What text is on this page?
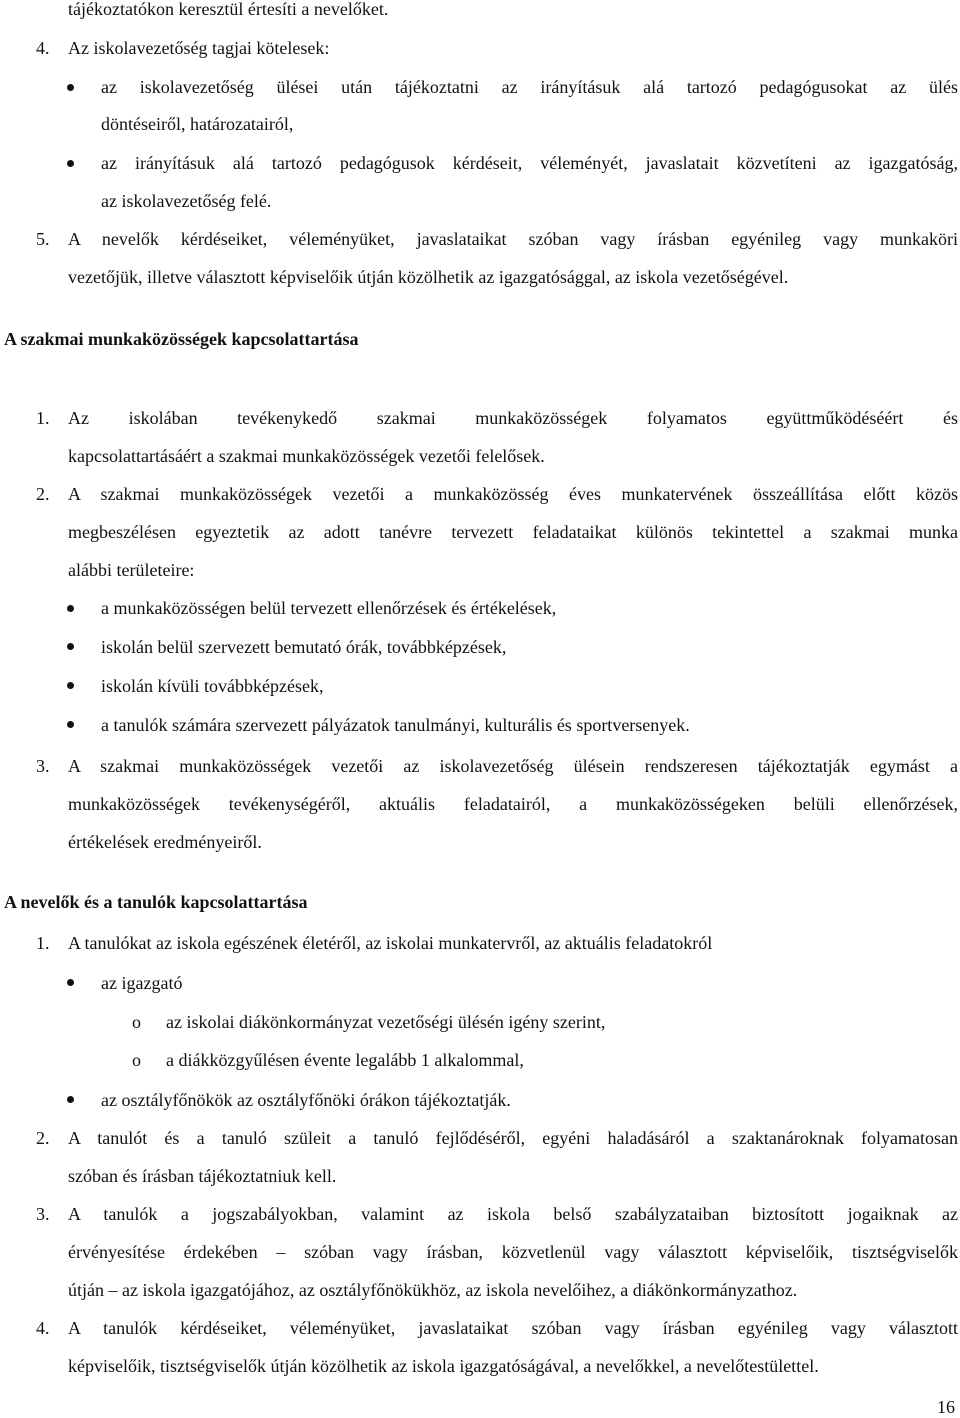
tájékoztatókon keresztül értesíti a nevelőket.
4. Az iskolavezetőség tagjai kötelesek:
az iskolavezetőség ülései után tájékoztatni az irányításuk alá tartozó pedagógusokat az ülés
döntéseiről, határozatairól,
az irányításuk alá tartozó pedagógusok kérdéseit, véleményét, javaslatait közvetíteni az igazgatóság,
az iskolavezetőség felé.
5. A nevelők kérdéseiket, véleményüket, javaslataikat szóban vagy írásban egyénileg vagy munkaköri
vezetőjük, illetve választott képviselőik útján közölhetik az igazgatósággal, az iskola vezetőségével.
A szakmai munkaközösségek kapcsolattartása
1. Az iskolában tevékenykedő szakmai munkaközösségek folyamatos együttműködéséért és
kapcsolattartásáért a szakmai munkaközösségek vezetői felelősek.
2. A szakmai munkaközösségek vezetői a munkaközösség éves munkatervének összeállítása előtt közös
megbeszélésen egyeztetik az adott tanévre tervezett feladataikat különös tekintettel a szakmai munka
alábbi területeire:
a munkaközösségen belül tervezett ellenőrzések és értékelések,
iskolán belül szervezett bemutató órák, továbbképzések,
iskolán kívüli továbbképzések,
a tanulók számára szervezett pályázatok tanulmányi, kulturális és sportversenyek.
3. A szakmai munkaközösségek vezetői az iskolavezetőség ülésein rendszeresen tájékoztatják egymást a
munkaközösségek tevékenységéről, aktuális feladatairól, a munkaközösségeken belüli ellenőrzések,
értékelések eredményeiről.
A nevelők és a tanulók kapcsolattartása
1. A tanulókat az iskola egészének életéről, az iskolai munkatervről, az aktuális feladatokról
az igazgató
o az iskolai diákönkormányzat vezetőségi ülésén igény szerint,
o a diákközgyűlésen évente legalább 1 alkalommal,
az osztályfőnökök az osztályfőnöki órákon tájékoztatják.
2. A tanulót és a tanuló szüleit a tanuló fejlődéséről, egyéni haladásáról a szaktanároknak folyamatosan
szóban és írásban tájékoztatniuk kell.
3. A tanulók a jogszabályokban, valamint az iskola belső szabályzataiban biztosított jogaiknak az
érvényesítése érdekében – szóban vagy írásban, közvetlenül vagy választott képviselőik, tisztségviselők
útján – az iskola igazgatójához, az osztályfőnökükhöz, az iskola nevelőihez, a diákönkormányzathoz.
4. A tanulók kérdéseiket, véleményüket, javaslataikat szóban vagy írásban egyénileg vagy választott
képviselőik, tisztségviselők útján közölhetik az iskola igazgatóságával, a nevelőkkel, a nevelőtestülettel.
16
